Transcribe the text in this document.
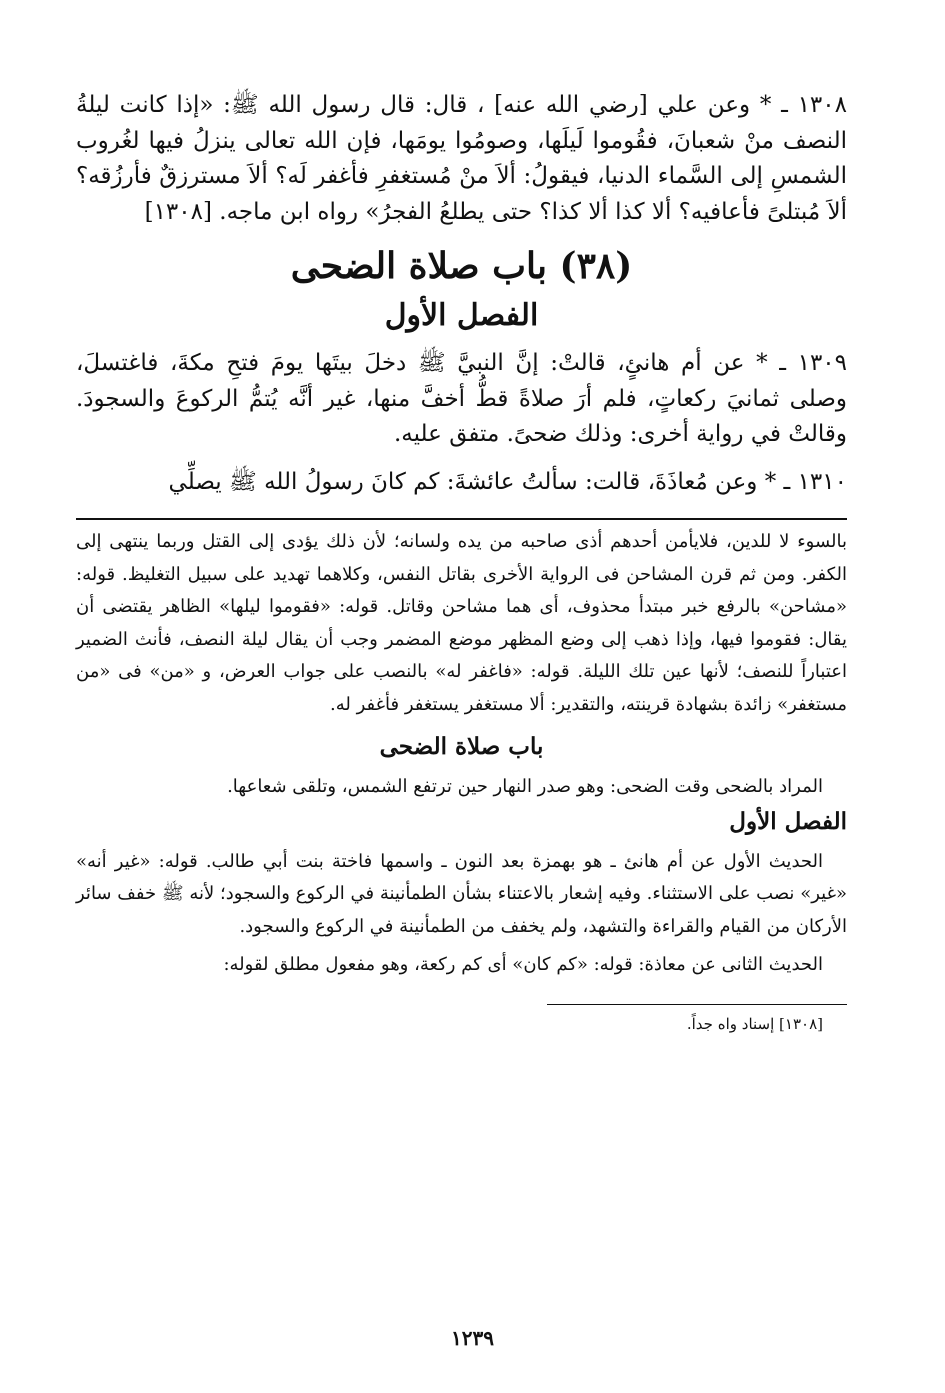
١٣٠٨ ـ * وعن علي [رضي الله عنه] ، قال: قال رسول الله ﷺ: «إذا كانت ليلةُ النصف منْ شعبانَ، فقُوموا لَيلَها، وصومُوا يومَها، فإن الله تعالى ينزلُ فيها لغُروب الشمسِ إلى السَّماء الدنيا، فيقولُ: ألاَ منْ مُستغفرِ فأغفر لَه؟ ألاَ مسترزقٌ فأرزُقه؟ ألاَ مُبتلىً فأعافيه؟ ألا كذا ألا كذا؟ حتى يطلعُ الفجرُ» رواه ابن ماجه. [١٣٠٨]

(٣٨) باب صلاة الضحى
الفصل الأول

١٣٠٩ ـ * عن أم هانئٍ، قالتْ: إنَّ النبيَّ ﷺ دخلَ بيتَها يومَ فتحِ مكةَ، فاغتسلَ، وصلى ثمانيَ ركعاتٍ، فلم أرَ صلاةً قطُّ أخفَّ منها، غير أنَّه يُتمُّ الركوعَ والسجودَ. وقالتْ في رواية أخرى: وذلك ضحىً. متفق عليه.

١٣١٠ ـ * وعن مُعاذَةَ، قالت: سألتُ عائشةَ: كم كانَ رسولُ الله ﷺ يصلِّي

بالسوء لا للدين، فلايأمن أحدهم أذى صاحبه من يده ولسانه؛ لأن ذلك يؤدى إلى القتل وربما ينتهى إلى الكفر. ومن ثم قرن المشاحن فى الرواية الأخرى بقاتل النفس، وكلاهما تهديد على سبيل التغليظ. قوله: «مشاحن» بالرفع خبر مبتدأ محذوف، أى هما مشاحن وقاتل. قوله: «فقوموا ليلها» الظاهر يقتضى أن يقال: فقوموا فيها، وإذا ذهب إلى وضع المظهر موضع المضمر وجب أن يقال ليلة النصف، فأنث الضمير اعتباراً للنصف؛ لأنها عين تلك الليلة. قوله: «فاغفر له» بالنصب على جواب العرض، و «من» فى «من مستغفر» زائدة بشهادة قرينته، والتقدير: ألا مستغفر يستغفر فأغفر له.

باب صلاة الضحى

المراد بالضحى وقت الضحى: وهو صدر النهار حين ترتفع الشمس، وتلقى شعاعها.

الفصل الأول

الحديث الأول عن أم هانئ ـ هو بهمزة بعد النون ـ واسمها فاختة بنت أبي طالب. قوله: «غير أنه» «غير» نصب على الاستثناء. وفيه إشعار بالاعتناء بشأن الطمأنينة في الركوع والسجود؛ لأنه ﷺ خفف سائر الأركان من القيام والقراءة والتشهد، ولم يخفف من الطمأنينة في الركوع والسجود.

الحديث الثانى عن معاذة: قوله: «كم كان» أى كم ركعة، وهو مفعول مطلق لقوله:

[١٣٠٨] إسناد واه جداً.
١٢٣٩
